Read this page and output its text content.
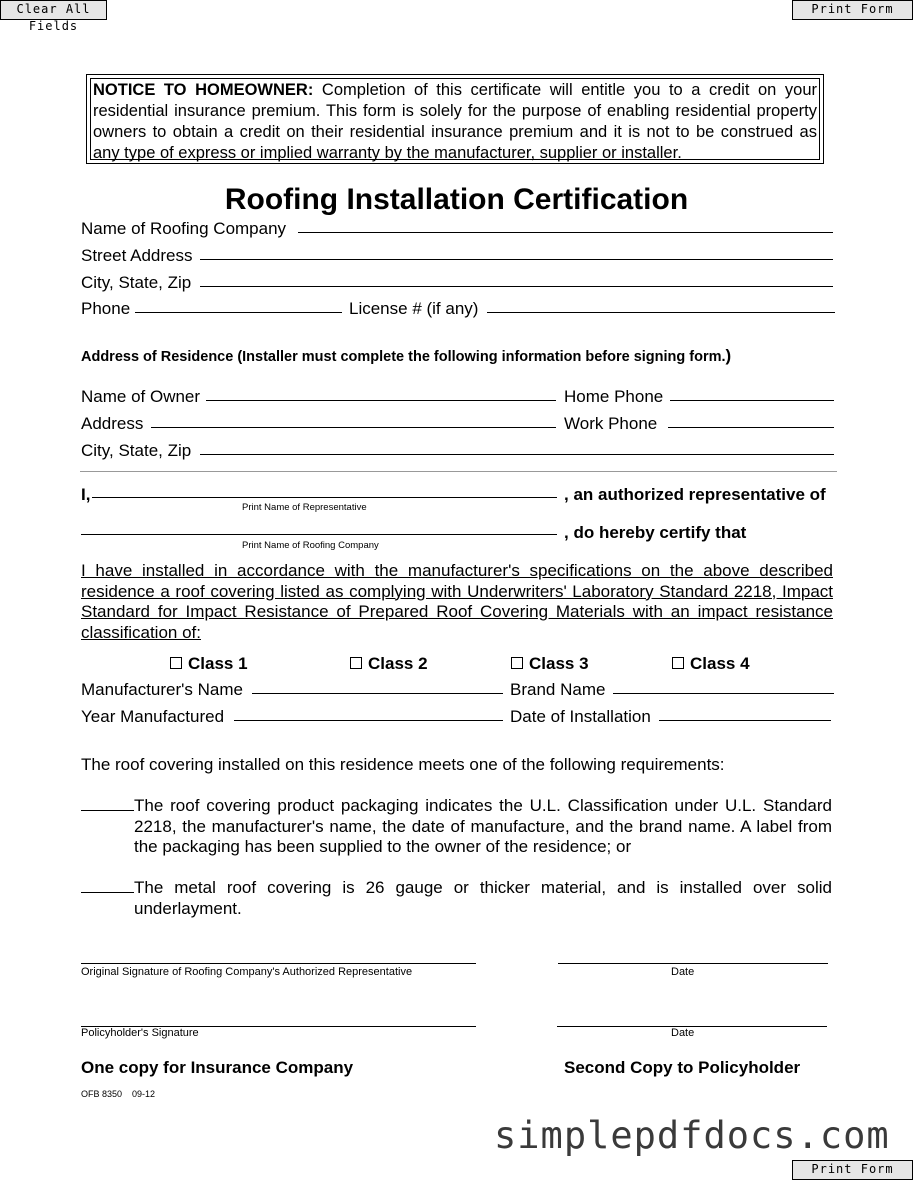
Clear All Fields
Print Form
NOTICE TO HOMEOWNER: Completion of this certificate will entitle you to a credit on your residential insurance premium. This form is solely for the purpose of enabling residential property owners to obtain a credit on their residential insurance premium and it is not to be construed as any type of express or implied warranty by the manufacturer, supplier or installer.
Roofing Installation Certification
Name of Roofing Company
Street Address
City, State, Zip
Phone	License # (if any)
Address of Residence (Installer must complete the following information before signing form.)
Name of Owner	Home Phone
Address	Work Phone
City, State, Zip
I,
Print Name of Representative
, an authorized representative of
Print Name of Roofing Company
, do hereby certify that
I have installed in accordance with the manufacturer's specifications on the above described residence a roof covering listed as complying with Underwriters' Laboratory Standard 2218, Impact Standard for Impact Resistance of Prepared Roof Covering Materials with an impact resistance classification of:
Class 1	Class 2	Class 3	Class 4
Manufacturer's Name	Brand Name
Year Manufactured	Date of Installation
The roof covering installed on this residence meets one of the following requirements:
The roof covering product packaging indicates the U.L. Classification under U.L. Standard 2218, the manufacturer's name, the date of manufacture, and the brand name. A label from the packaging has been supplied to the owner of the residence; or
The metal roof covering is 26 gauge or thicker material, and is installed over solid underlayment.
Original Signature of Roofing Company's Authorized Representative	Date
Policyholder's Signature	Date
One copy for Insurance Company	Second Copy to Policyholder
OFB 8350    09-12
simplepdfdocs.com
Print Form
